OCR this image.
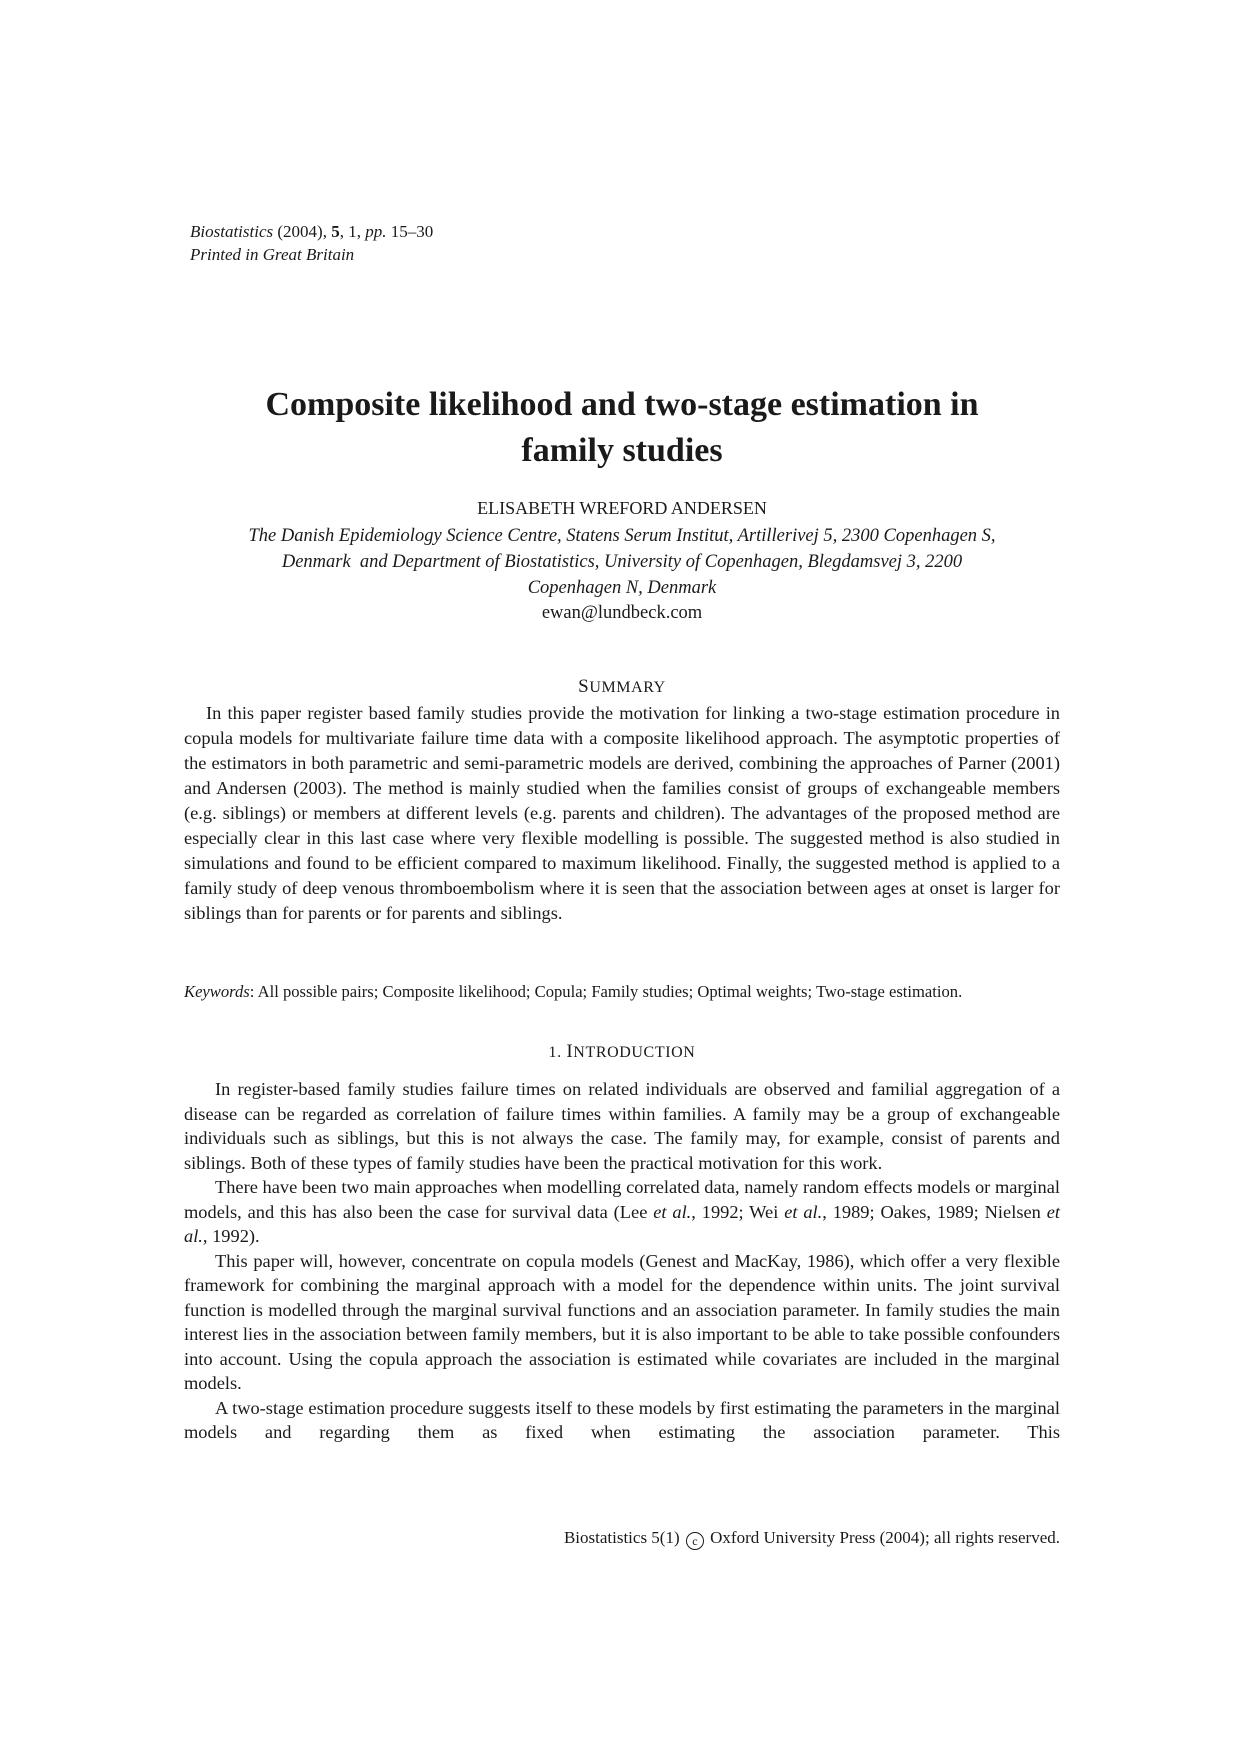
Biostatistics (2004), 5, 1, pp. 15–30
Printed in Great Britain
Composite likelihood and two-stage estimation in
family studies
ELISABETH WREFORD ANDERSEN
The Danish Epidemiology Science Centre, Statens Serum Institut, Artillerivej 5, 2300 Copenhagen S,
Denmark  and Department of Biostatistics, University of Copenhagen, Blegdamsvej 3, 2200
Copenhagen N, Denmark
ewan@lundbeck.com
SUMMARY

In this paper register based family studies provide the motivation for linking a two-stage estimation procedure in copula models for multivariate failure time data with a composite likelihood approach. The asymptotic properties of the estimators in both parametric and semi-parametric models are derived, combining the approaches of Parner (2001) and Andersen (2003). The method is mainly studied when the families consist of groups of exchangeable members (e.g. siblings) or members at different levels (e.g. parents and children). The advantages of the proposed method are especially clear in this last case where very flexible modelling is possible. The suggested method is also studied in simulations and found to be efficient compared to maximum likelihood. Finally, the suggested method is applied to a family study of deep venous thromboembolism where it is seen that the association between ages at onset is larger for siblings than for parents or for parents and siblings.

Keywords: All possible pairs; Composite likelihood; Copula; Family studies; Optimal weights; Two-stage estimation.
1. INTRODUCTION

In register-based family studies failure times on related individuals are observed and familial aggregation of a disease can be regarded as correlation of failure times within families. A family may be a group of exchangeable individuals such as siblings, but this is not always the case. The family may, for example, consist of parents and siblings. Both of these types of family studies have been the practical motivation for this work.

There have been two main approaches when modelling correlated data, namely random effects models or marginal models, and this has also been the case for survival data (Lee et al., 1992; Wei et al., 1989; Oakes, 1989; Nielsen et al., 1992).

This paper will, however, concentrate on copula models (Genest and MacKay, 1986), which offer a very flexible framework for combining the marginal approach with a model for the dependence within units. The joint survival function is modelled through the marginal survival functions and an association parameter. In family studies the main interest lies in the association between family members, but it is also important to be able to take possible confounders into account. Using the copula approach the association is estimated while covariates are included in the marginal models.

A two-stage estimation procedure suggests itself to these models by first estimating the parameters in the marginal models and regarding them as fixed when estimating the association parameter. This

Biostatistics 5(1) c Oxford University Press (2004); all rights reserved.
